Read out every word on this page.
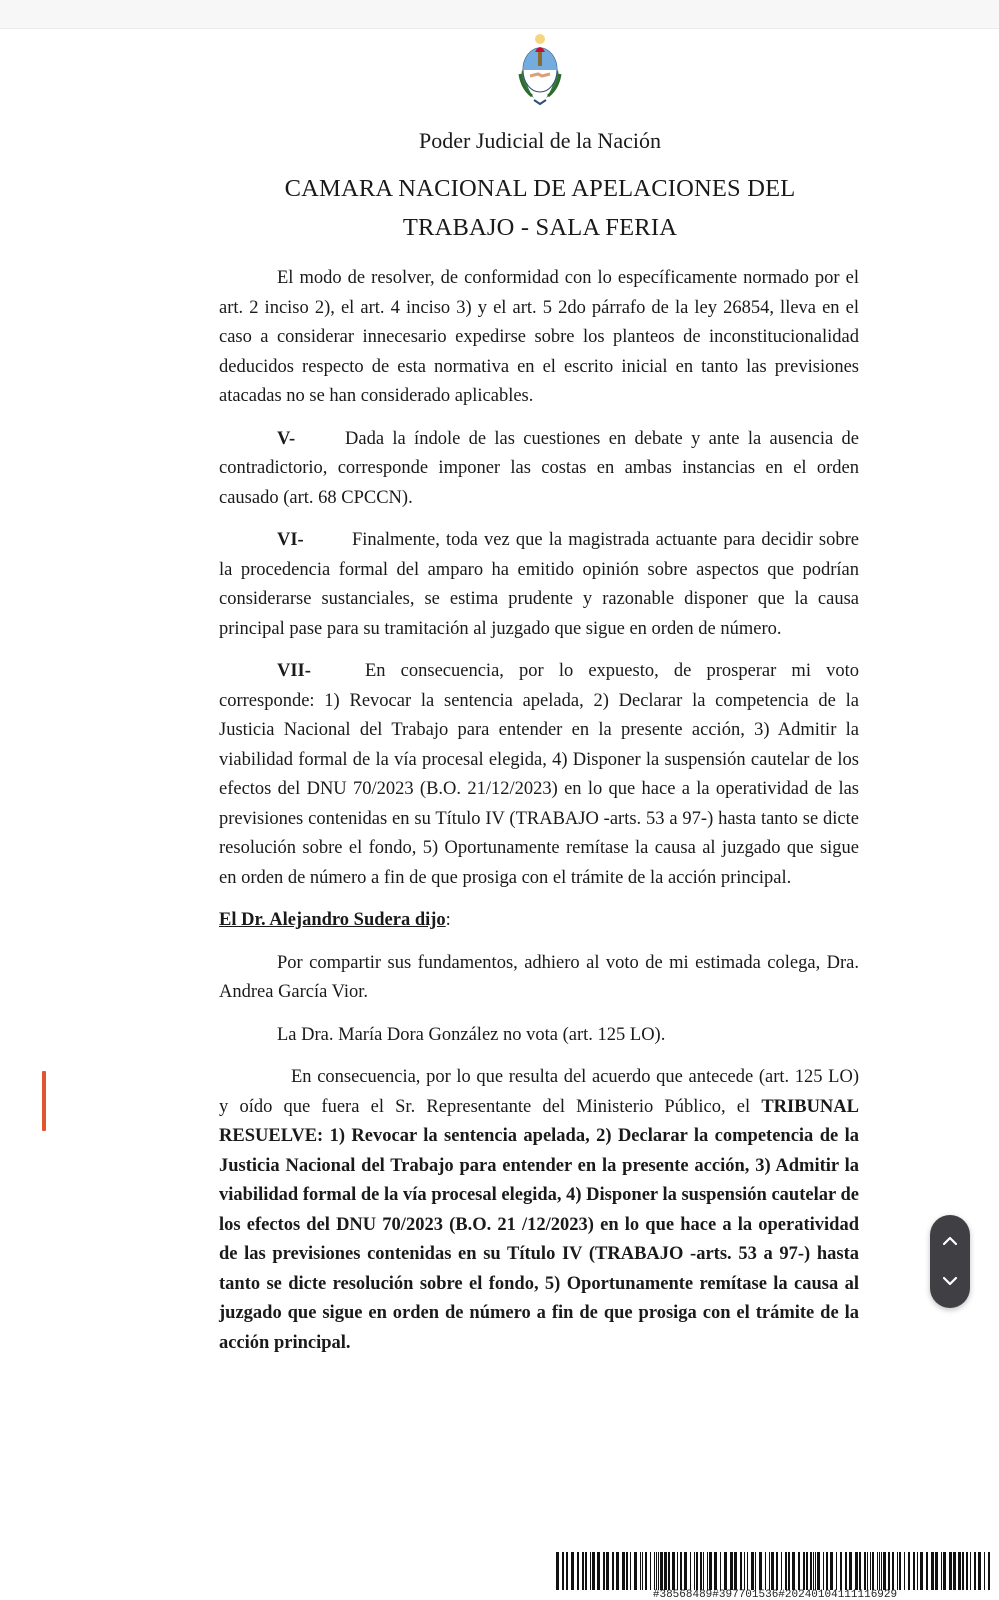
Poder Judicial de la Nación
CAMARA NACIONAL DE APELACIONES DEL
TRABAJO - SALA FERIA

El modo de resolver, de conformidad con lo específicamente normado por el art. 2 inciso 2), el art. 4 inciso 3) y el art. 5 2do párrafo de la ley 26854, lleva en el caso a considerar innecesario expedirse sobre los planteos de inconstitucionalidad deducidos respecto de esta normativa en el escrito inicial en tanto las previsiones atacadas no se han considerado aplicables.

V-	Dada la índole de las cuestiones en debate y ante la ausencia de contradictorio, corresponde imponer las costas en ambas instancias en el orden causado (art. 68 CPCCN).

VI-	Finalmente, toda vez que la magistrada actuante para decidir sobre la procedencia formal del amparo ha emitido opinión sobre aspectos que podrían considerarse sustanciales, se estima prudente y razonable disponer que la causa principal pase para su tramitación al juzgado que sigue en orden de número.

VII-	En consecuencia, por lo expuesto, de prosperar mi voto corresponde: 1) Revocar la sentencia apelada, 2) Declarar la competencia de la Justicia Nacional del Trabajo para entender en la presente acción, 3) Admitir la viabilidad formal de la vía procesal elegida, 4) Disponer la suspensión cautelar de los efectos del DNU 70/2023 (B.O. 21/12/2023) en lo que hace a la operatividad de las previsiones contenidas en su Título IV (TRABAJO -arts. 53 a 97-) hasta tanto se dicte resolución sobre el fondo, 5) Oportunamente remítase la causa al juzgado que sigue en orden de número a fin de que prosiga con el trámite de la acción principal.

El Dr. Alejandro Sudera dijo:

Por compartir sus fundamentos, adhiero al voto de mi estimada colega, Dra. Andrea García Vior.

La Dra. María Dora González no vota (art. 125 LO).

En consecuencia, por lo que resulta del acuerdo que antecede (art. 125 LO) y oído que fuera el Sr. Representante del Ministerio Público, el TRIBUNAL RESUELVE: 1) Revocar la sentencia apelada, 2) Declarar la competencia de la Justicia Nacional del Trabajo para entender en la presente acción, 3) Admitir la viabilidad formal de la vía procesal elegida, 4) Disponer la suspensión cautelar de los efectos del DNU 70/2023 (B.O. 21 /12/2023) en lo que hace a la operatividad de las previsiones contenidas en su Título IV (TRABAJO -arts. 53 a 97-) hasta tanto se dicte resolución sobre el fondo, 5) Oportunamente remítase la causa al juzgado que sigue en orden de número a fin de que prosiga con el trámite de la acción principal.

#38568489#397701536#20240104111116929
